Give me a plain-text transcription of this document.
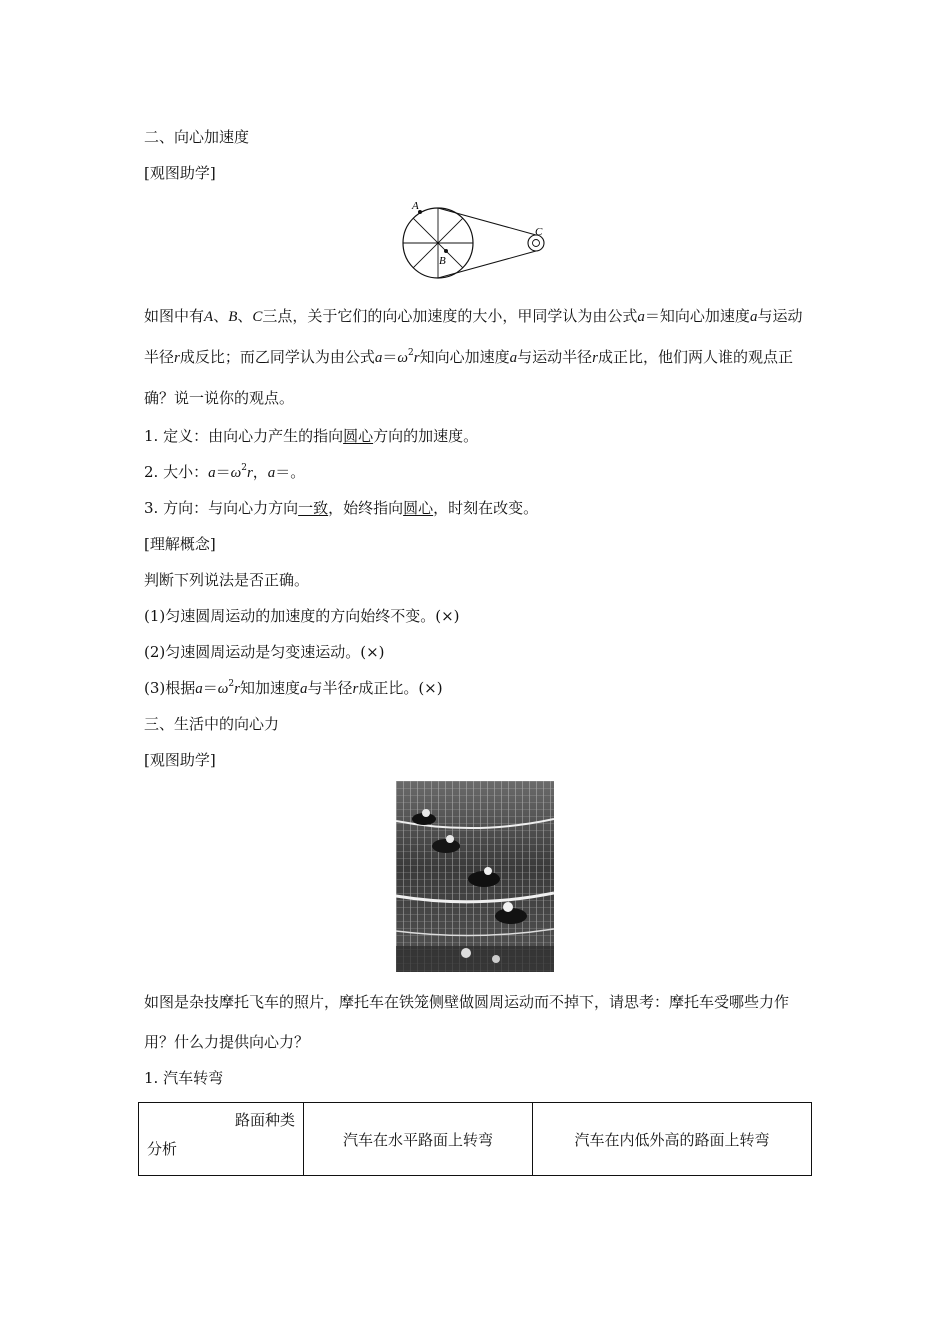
二、向心加速度
[观图助学]
A
B
C
如图中有A、B、C三点，关于它们的向心加速度的大小，甲同学认为由公式a＝知向心加速度a与运动半径r成反比；而乙同学认为由公式$a=\omega^2r$知向心加速度a与运动半径r成正比，他们两人谁的观点正确？说一说你的观点。
1. 定义：由向心力产生的指向圆心方向的加速度。
2. 大小：$a=\omega^2r$，a＝。
3. 方向：与向心力方向一致，始终指向圆心，时刻在改变。
[理解概念]
判断下列说法是否正确。
(1)匀速圆周运动的加速度的方向始终不变。(×)
(2)匀速圆周运动是匀变速运动。(×)
(3)根据$a=\omega^2r$知加速度a与半径r成正比。(×)
三、生活中的向心力
[观图助学]
如图是杂技摩托飞车的照片，摩托车在铁笼侧壁做圆周运动而不掉下，请思考：摩托车受哪些力作用？什么力提供向心力？
1. 汽车转弯
路面种类
分析
	汽车在水平路面上转弯	汽车在内低外高的路面上转弯
